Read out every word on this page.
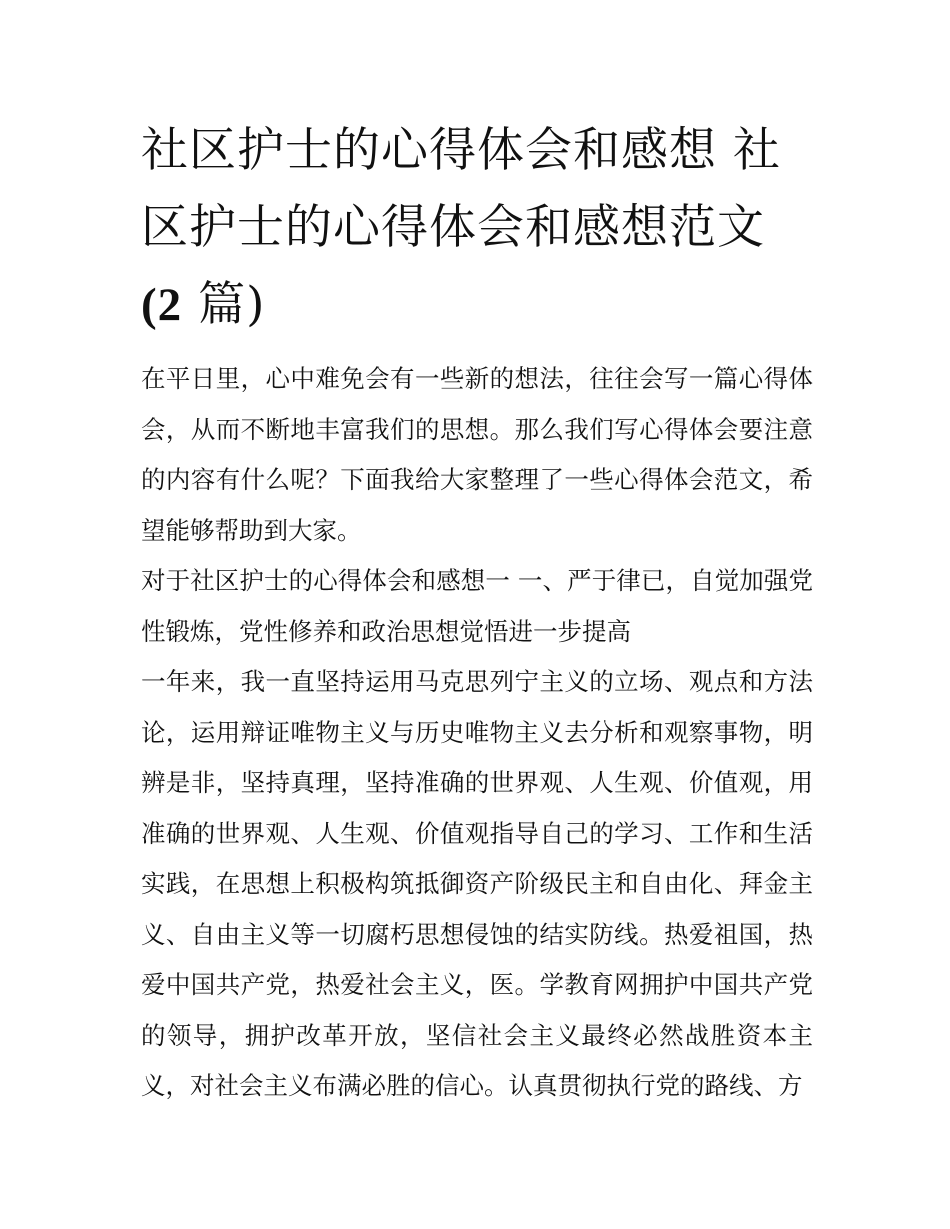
社区护士的心得体会和感想 社
区护士的心得体会和感想范文
(2 篇)

在平日里，心中难免会有一些新的想法，往往会写一篇心得体会，从而不断地丰富我们的思想。那么我们写心得体会要注意的内容有什么呢？下面我给大家整理了一些心得体会范文，希望能够帮助到大家。

对于社区护士的心得体会和感想一 一、严于律已，自觉加强党性锻炼，党性修养和政治思想觉悟进一步提高

一年来，我一直坚持运用马克思列宁主义的立场、观点和方法论，运用辩证唯物主义与历史唯物主义去分析和观察事物，明辨是非，坚持真理，坚持准确的世界观、人生观、价值观，用准确的世界观、人生观、价值观指导自己的学习、工作和生活实践，在思想上积极构筑抵御资产阶级民主和自由化、拜金主义、自由主义等一切腐朽思想侵蚀的结实防线。热爱祖国，热爱中国共产党，热爱社会主义，医。学教育网拥护中国共产党的领导，拥护改革开放，坚信社会主义最终必然战胜资本主义，对社会主义布满必胜的信心。认真贯彻执行党的路线、方
